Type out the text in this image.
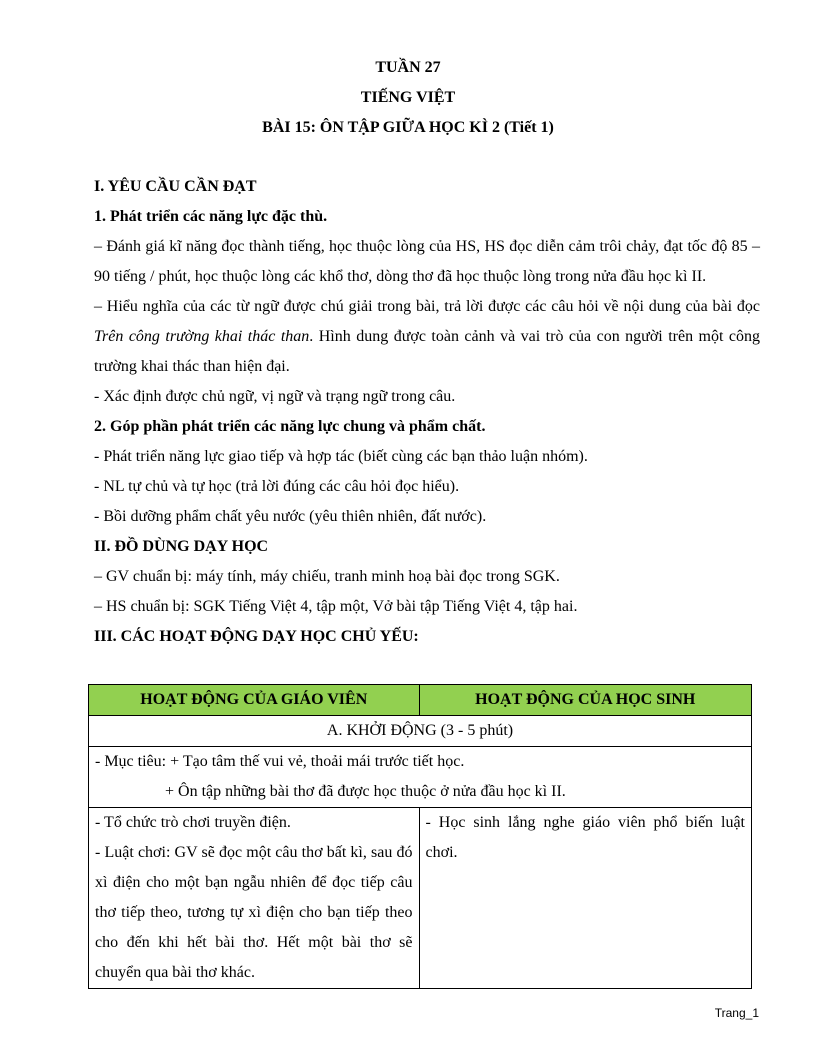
TUẦN 27
TIẾNG VIỆT
BÀI 15: ÔN TẬP GIỮA HỌC KÌ 2 (Tiết 1)

I. YÊU CẦU CẦN ĐẠT

1. Phát triển các năng lực đặc thù.

– Đánh giá kĩ năng đọc thành tiếng, học thuộc lòng của HS, HS đọc diễn cảm trôi chảy, đạt tốc độ 85 – 90 tiếng / phút, học thuộc lòng các khổ thơ, dòng thơ đã học thuộc lòng trong nửa đầu học kì II.

– Hiểu nghĩa của các từ ngữ được chú giải trong bài, trả lời được các câu hỏi về nội dung của bài đọc Trên công trường khai thác than. Hình dung được toàn cảnh và vai trò của con người trên một công trường khai thác than hiện đại.

- Xác định được chủ ngữ, vị ngữ và trạng ngữ trong câu.

2. Góp phần phát triển các năng lực chung và phẩm chất.

- Phát triển năng lực giao tiếp và hợp tác (biết cùng các bạn thảo luận nhóm).

- NL tự chủ và tự học (trả lời đúng các câu hỏi đọc hiểu).

- Bồi dưỡng phẩm chất yêu nước (yêu thiên nhiên, đất nước).

II. ĐỒ DÙNG DẠY HỌC

– GV chuẩn bị: máy tính, máy chiếu, tranh minh hoạ bài đọc trong SGK.

– HS chuẩn bị: SGK Tiếng Việt 4, tập một, Vở bài tập Tiếng Việt 4, tập hai.

III. CÁC HOẠT ĐỘNG DẠY HỌC CHỦ YẾU:

HOẠT ĐỘNG CỦA GIÁO VIÊN	HOẠT ĐỘNG CỦA HỌC SINH
A. KHỞI ĐỘNG (3 - 5 phút)	

- Mục tiêu: + Tạo tâm thế vui vẻ, thoải mái trước tiết học.
+ Ôn tập những bài thơ đã được học thuộc ở nửa đầu học kì II.	

- Tổ chức trò chơi truyền điện.
- Luật chơi: GV sẽ đọc một câu thơ bất kì, sau đó xì điện cho một bạn ngẫu nhiên để đọc tiếp câu thơ tiếp theo, tương tự xì điện cho bạn tiếp theo cho đến khi hết bài thơ. Hết một bài thơ sẽ chuyển qua bài thơ khác.	- Học sinh lắng nghe giáo viên phổ biến luật chơi.
Trang_1
